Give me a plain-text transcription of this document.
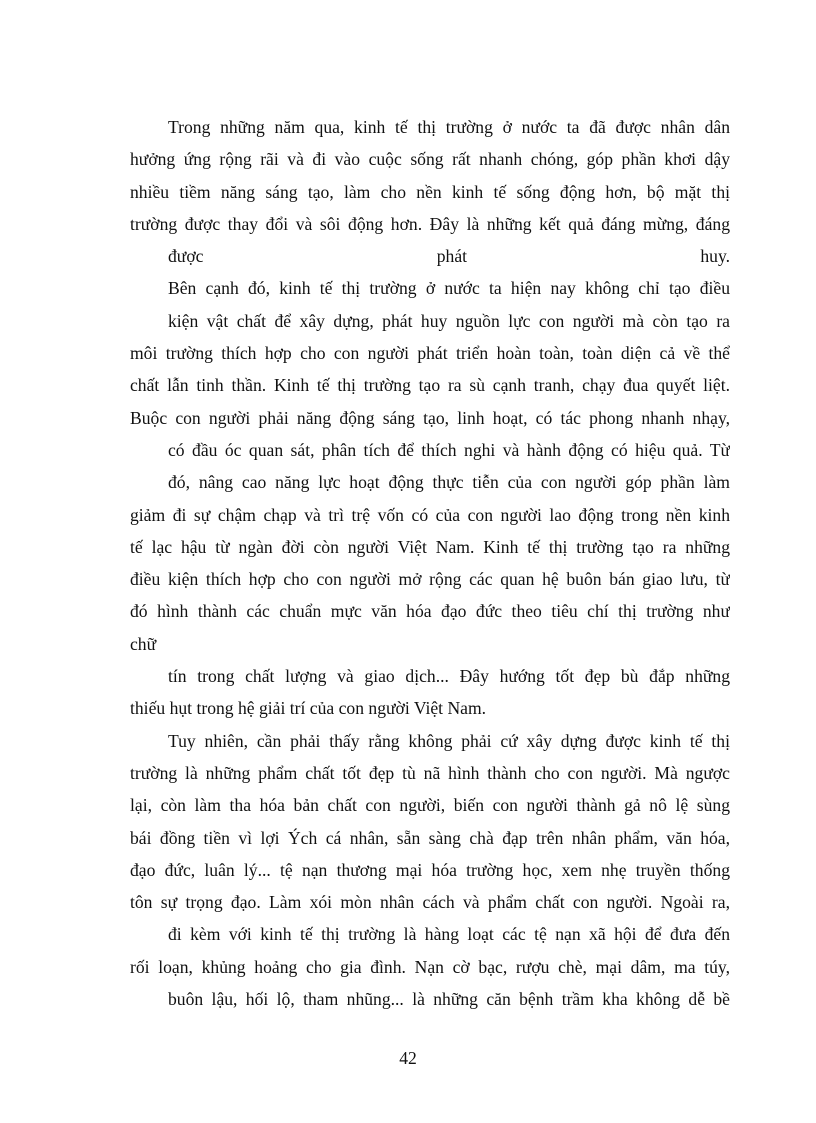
Trong những năm qua, kinh tế thị trường ở nước ta đã được nhân dân
hưởng ứng rộng rãi và đi vào cuộc sống rất nhanh chóng, góp phần khơi dậy
nhiều tiềm năng sáng tạo, làm cho nền kinh tế sống động hơn, bộ mặt thị
trường được thay đổi và sôi động hơn. Đây là những kết quả đáng mừng, đáng
được phát huy.
Bên cạnh đó, kinh tế thị trường ở nước ta hiện nay không chỉ tạo điều
kiện vật chất để xây dựng, phát huy nguồn lực con người mà còn tạo ra
môi trường thích hợp cho con người phát triển hoàn toàn, toàn diện cả về thể
chất lẫn tinh thần. Kinh tế thị trường tạo ra sù cạnh tranh, chạy đua quyết liệt.
Buộc con người phải năng động sáng tạo, linh hoạt, có tác phong nhanh nhạy,
có đầu óc quan sát, phân tích để thích nghi và hành động có hiệu quả. Từ
đó, nâng cao năng lực hoạt động thực tiễn của con người góp phần làm
giảm đi sự chậm chạp và trì trệ vốn có của con người lao động trong nền kinh
tế lạc hậu từ ngàn đời còn người Việt Nam. Kinh tế thị trường tạo ra những
điều kiện thích hợp cho con người mở rộng các quan hệ buôn bán giao lưu, từ
đó hình thành các chuẩn mực văn hóa đạo đức theo tiêu chí thị trường như
chữ
tín trong chất lượng và giao dịch... Đây hướng tốt đẹp bù đắp những
thiếu hụt trong hệ giải trí của con người Việt Nam.
Tuy nhiên, cần phải thấy rằng không phải cứ xây dựng được kinh tế thị
trường là những phẩm chất tốt đẹp tù nã hình thành cho con người. Mà ngược
lại, còn làm tha hóa bản chất con người, biến con người thành gả nô lệ sùng
bái đồng tiền vì lợi Ých cá nhân, sẵn sàng chà đạp trên nhân phẩm, văn hóa,
đạo đức, luân lý... tệ nạn thương mại hóa trường học, xem nhẹ truyền thống
tôn sự trọng đạo. Làm xói mòn nhân cách và phẩm chất con người. Ngoài ra,
đi kèm với kinh tế thị trường là hàng loạt các tệ nạn xã hội để đưa đến
rối loạn, khủng hoảng cho gia đình. Nạn cờ bạc, rượu chè, mại dâm, ma túy,
buôn lậu, hối lộ, tham nhũng... là những căn bệnh trầm kha không dễ bề
42
